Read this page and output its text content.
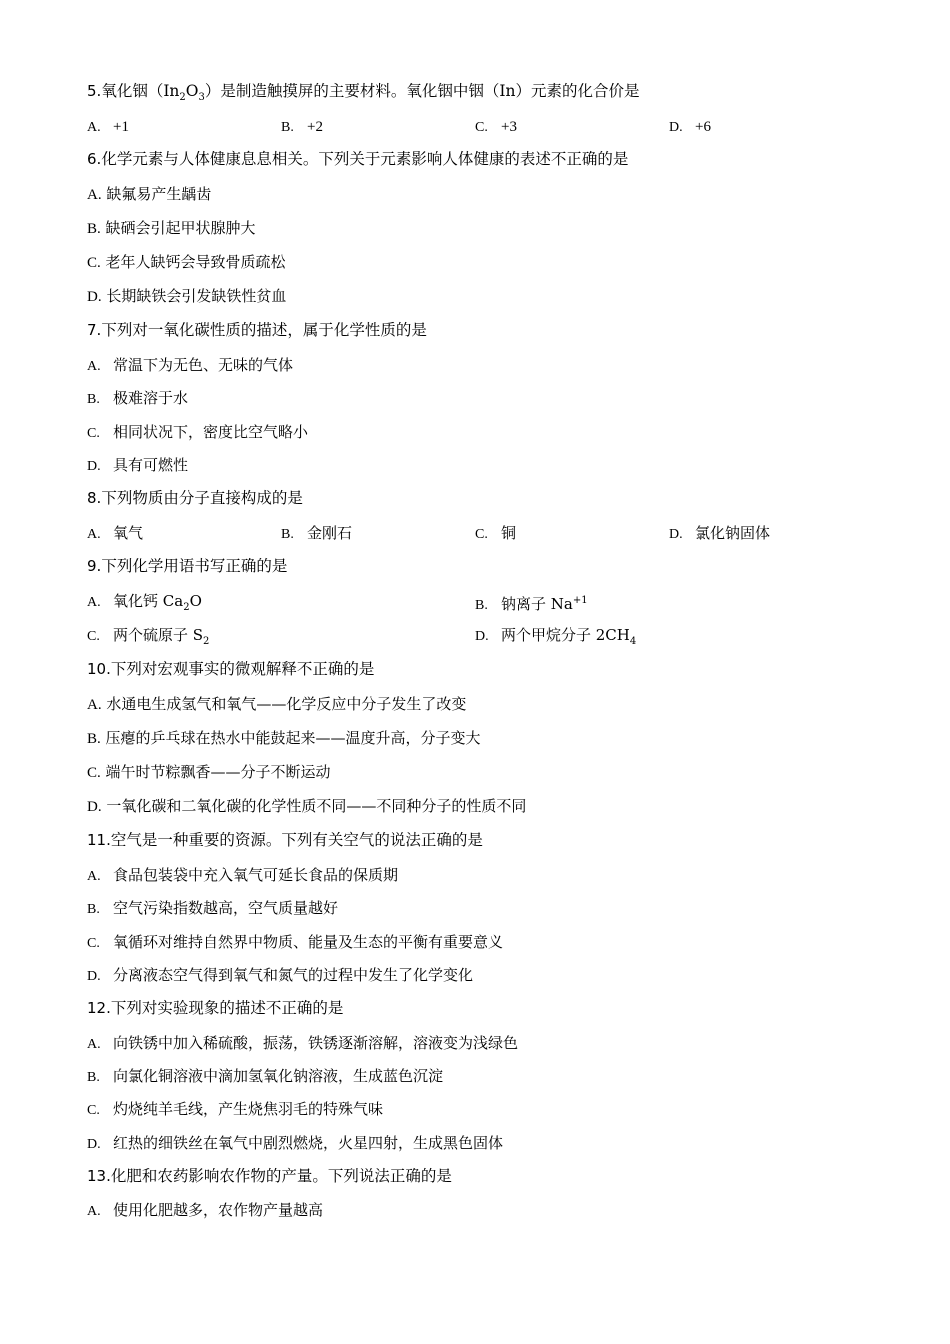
5.氧化铟$(In_2O_3)$是制造触摸屏的主要材料。氧化铟中铟（In）元素的化合价是
A. +1	B. +2	C. +3	D. +6
6.化学元素与人体健康息息相关。下列关于元素影响人体健康的表述不正确的是
A. 缺氟易产生龋齿
B. 缺硒会引起甲状腺肿大
C. 老年人缺钙会导致骨质疏松
D. 长期缺铁会引发缺铁性贫血
7.下列对一氧化碳性质的描述，属于化学性质的是
A. 常温下为无色、无味的气体
B. 极难溶于水
C. 相同状况下，密度比空气略小
D. 具有可燃性
8.下列物质由分子直接构成的是
A. 氧气	B. 金刚石	C. 铜	D. 氯化钠固体
9.下列化学用语书写正确的是
A. 氧化钙 $Ca_2O$	B. 钠离子 $Na^{+1}$
C. 两个硫原子 $S_2$	D. 两个甲烷分子 $2CH_4$
10.下列对宏观事实的微观解释不正确的是
A. 水通电生成氢气和氧气——化学反应中分子发生了改变
B. 压瘪的乒乓球在热水中能鼓起来——温度升高，分子变大
C. 端午时节粽飘香——分子不断运动
D. 一氧化碳和二氧化碳的化学性质不同——不同种分子的性质不同
11.空气是一种重要的资源。下列有关空气的说法正确的是
A. 食品包装袋中充入氧气可延长食品的保质期
B. 空气污染指数越高，空气质量越好
C. 氧循环对维持自然界中物质、能量及生态的平衡有重要意义
D. 分离液态空气得到氧气和氮气的过程中发生了化学变化
12.下列对实验现象的描述不正确的是
A. 向铁锈中加入稀硫酸，振荡，铁锈逐渐溶解，溶液变为浅绿色
B. 向氯化铜溶液中滴加氢氧化钠溶液，生成蓝色沉淀
C. 灼烧纯羊毛线，产生烧焦羽毛的特殊气味
D. 红热的细铁丝在氧气中剧烈燃烧，火星四射，生成黑色固体
13.化肥和农药影响农作物的产量。下列说法正确的是
A. 使用化肥越多，农作物产量越高
